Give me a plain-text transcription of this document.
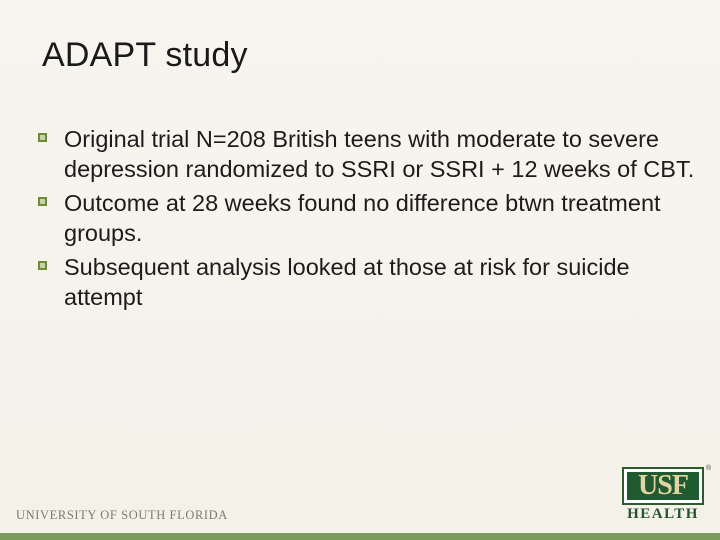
ADAPT study
Original trial N=208 British teens with moderate to severe depression randomized to SSRI or SSRI + 12 weeks of CBT.
Outcome at 28 weeks found no difference btwn treatment groups.
Subsequent analysis looked at those at risk for suicide attempt
UNIVERSITY OF SOUTH FLORIDA
USF
®
HEALTH
